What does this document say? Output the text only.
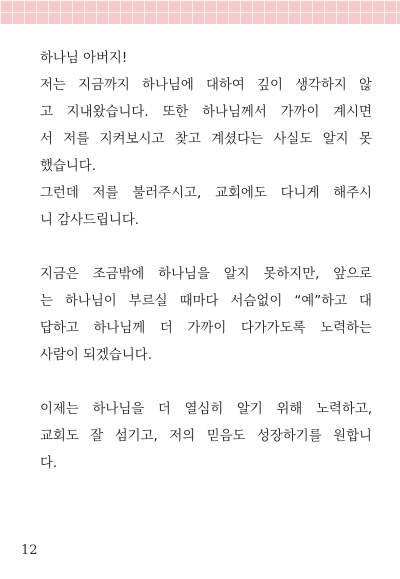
하나님 아버지!
저는 지금까지 하나님에 대하여 깊이 생각하지 않
고 지내왔습니다. 또한 하나님께서 가까이 계시면
서 저를 지켜보시고 찾고 계셨다는 사실도 알지 못
했습니다.
그런데 저를 불러주시고, 교회에도 다니게 해주시
니 감사드립니다.
지금은 조금밖에 하나님을 알지 못하지만, 앞으로
는 하나님이 부르실 때마다 서슴없이 “예”하고 대
답하고 하나님께 더 가까이 다가가도록 노력하는
사람이 되겠습니다.
이제는 하나님을 더 열심히 알기 위해 노력하고,
교회도 잘 섬기고, 저의 믿음도 성장하기를 원합니
다.
12
